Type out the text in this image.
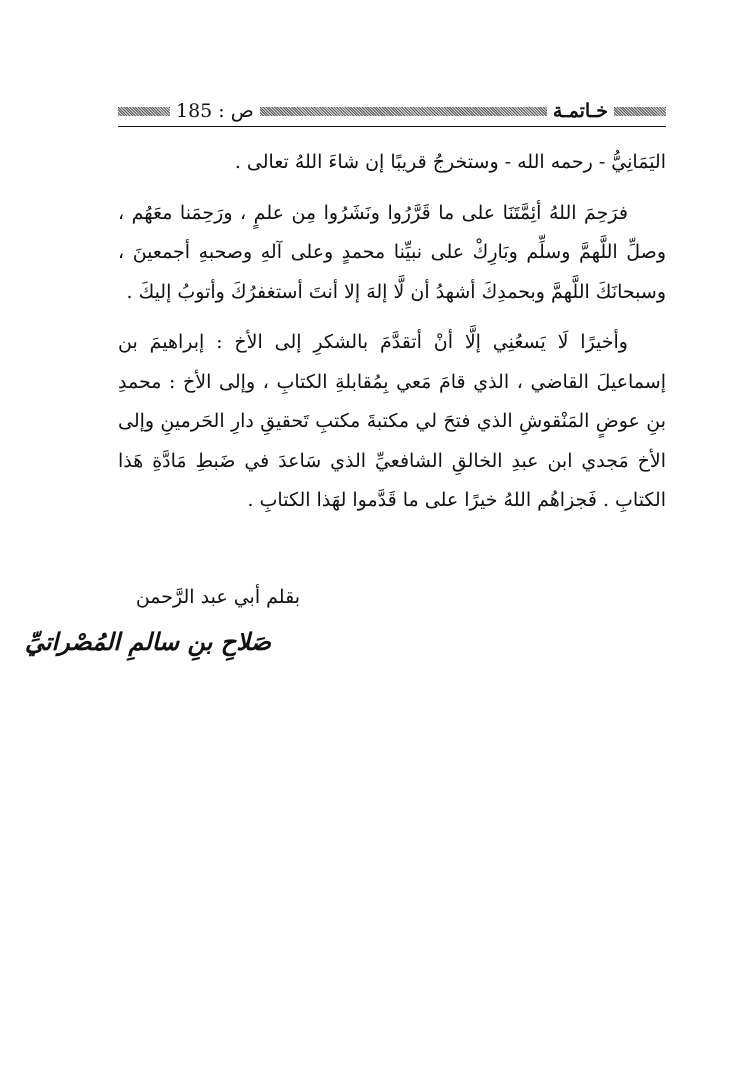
خـاتمـة
ص : 185

اليَمَانِيُّ - رحمه الله - وستخرجُ قريبًا إن شاءَ اللهُ تعالى .

فرَحِمَ اللهُ أئِمَّتَنَا على ما قَرَّرُوا ونَشَرُوا مِن علمٍ ، ورَحِمَنا معَهُم ، وصلِّ اللَّهمَّ وسلِّم وبَارِكْ على نبيِّنا محمدٍ وعلى آلهِ وصحبهِ أجمعينَ ، وسبحانَكَ اللَّهمَّ وبحمدِكَ أشهدُ أن لَّا إلهَ إلا أنتَ أستغفرُكَ وأتوبُ إليكَ .

وأخيرًا لَا يَسعُنِي إلَّا أنْ أتقدَّمَ بالشكرِ إلى الأخ : إبراهيمَ بن إسماعيلَ القاضي ، الذي قامَ مَعي بِمُقابلةِ الكتابِ ، وإلى الأخ : محمدِ بنِ عوضٍ المَنْقوشِ الذي فتحَ لي مكتبةَ مكتبِ تَحقيقِ دارِ الحَرمينِ وإلى الأخ مَجدي ابن عبدِ الخالقِ الشافعيِّ الذي سَاعدَ في ضَبطِ مَادَّةِ هَذا الكتابِ . فَجزاهُم اللهُ خيرًا على ما قَدَّموا لهَذا الكتابِ .

بقلم أبي عبد الرَّحمن
صَلاحِ بنِ سالمِ المُصْراتيِّ
